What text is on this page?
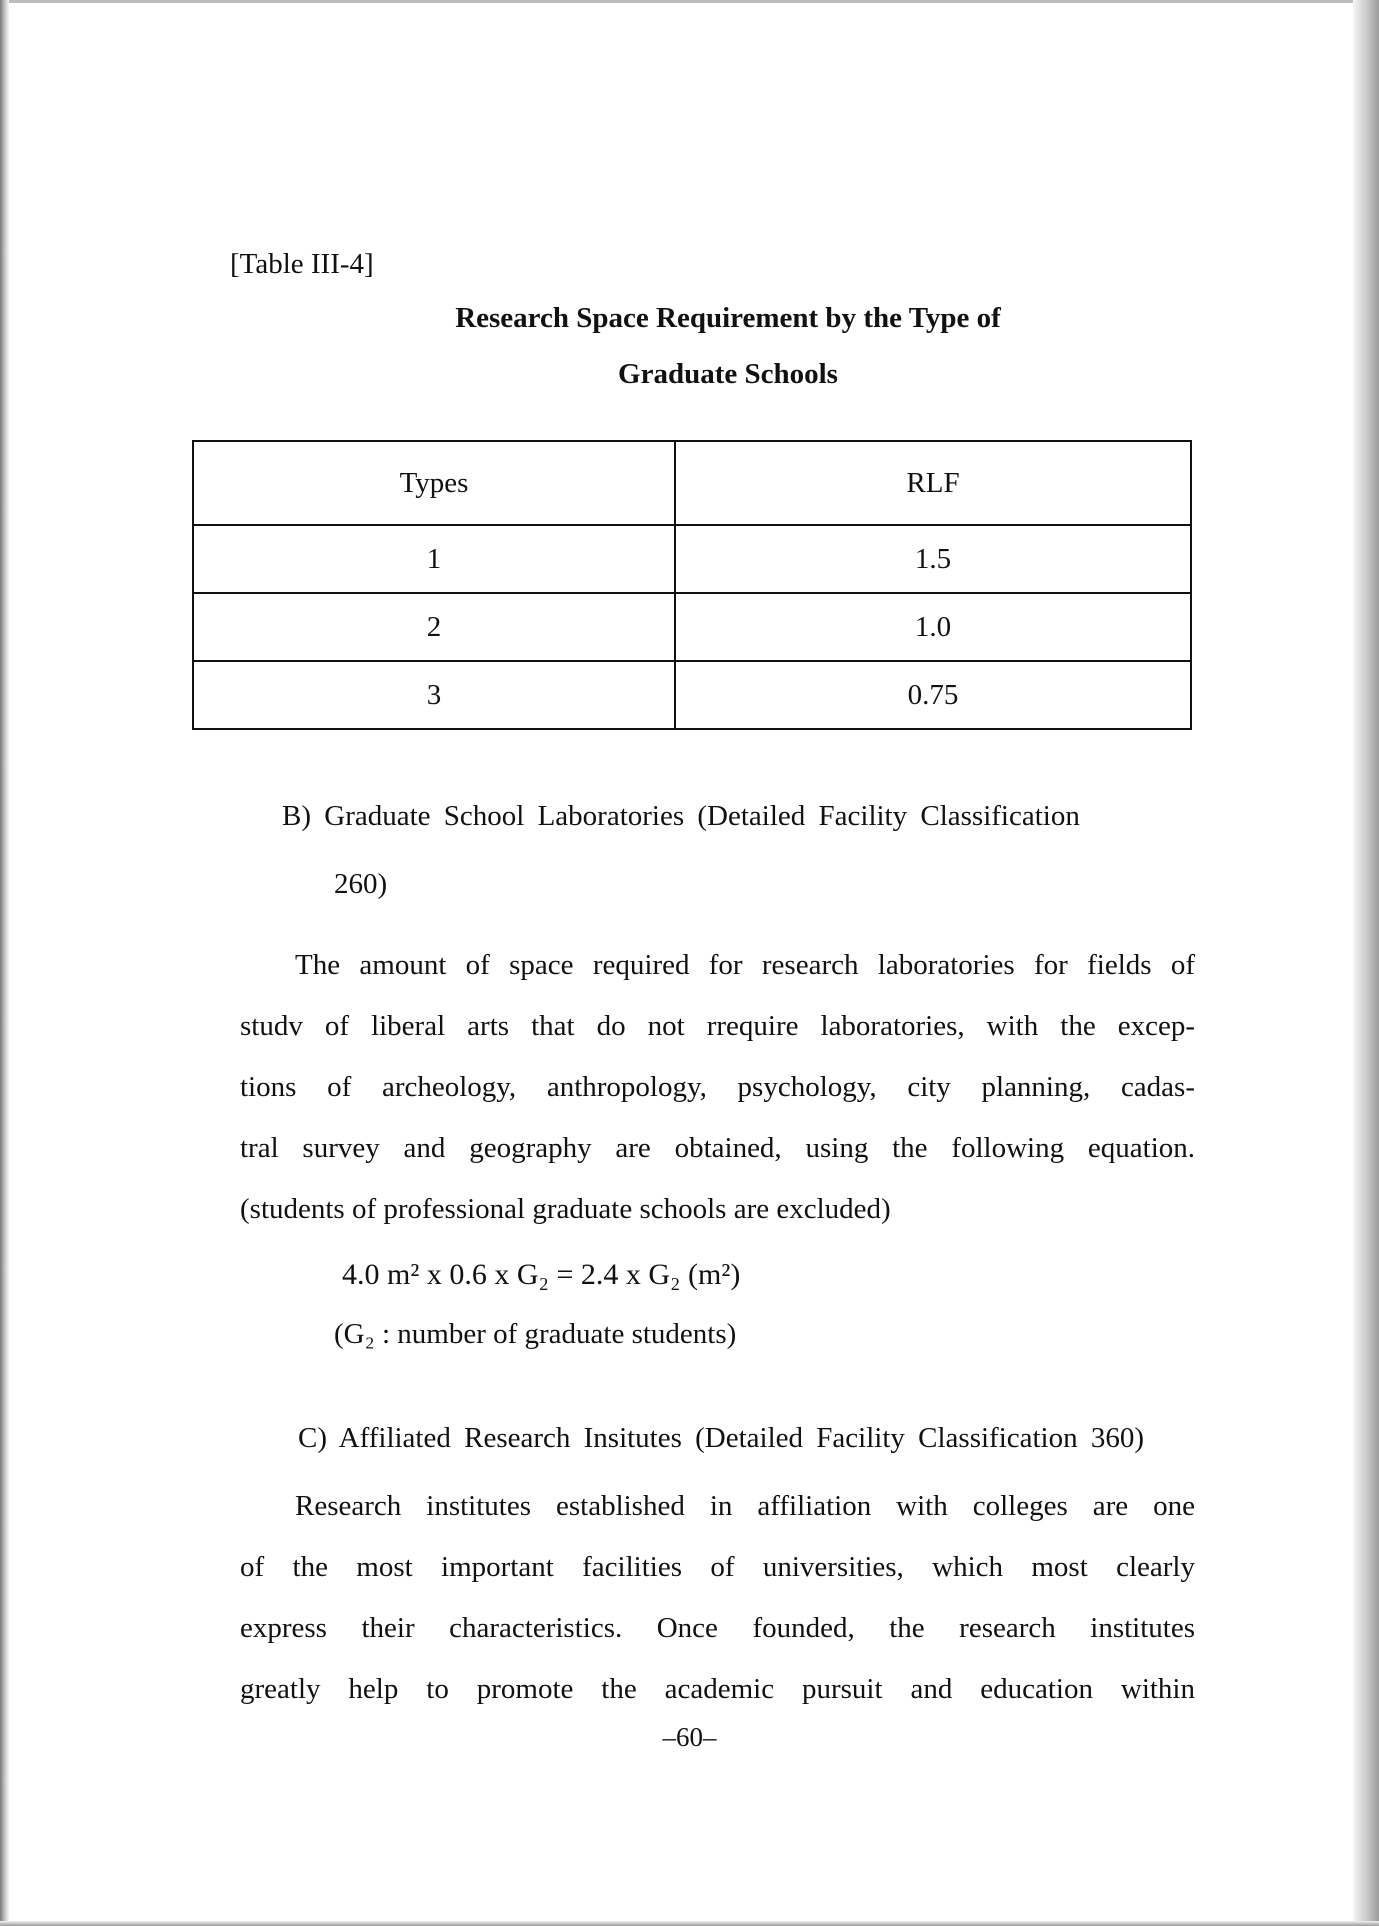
[Table III-4]
Research Space Requirement by the Type of
Graduate Schools
Types	RLF
1	1.5
2	1.0
3	0.75
B) Graduate School Laboratories (Detailed Facility Classification
260)
The amount of space required for research laboratories for fields of
studv of liberal arts that do not rrequire laboratories, with the excep-
tions of archeology, anthropology, psychology, city planning, cadas-
tral survey and geography are obtained, using the following equation.
(students of professional graduate schools are excluded)
4.0 m² x 0.6 x G₂ = 2.4 x G₂ (m²)
(G₂ : number of graduate students)
C) Affiliated Research Insitutes (Detailed Facility Classification 360)
Research institutes established in affiliation with colleges are one
of the most important facilities of universities, which most clearly
express their characteristics. Once founded, the research institutes
greatly help to promote the academic pursuit and education within
–60–
